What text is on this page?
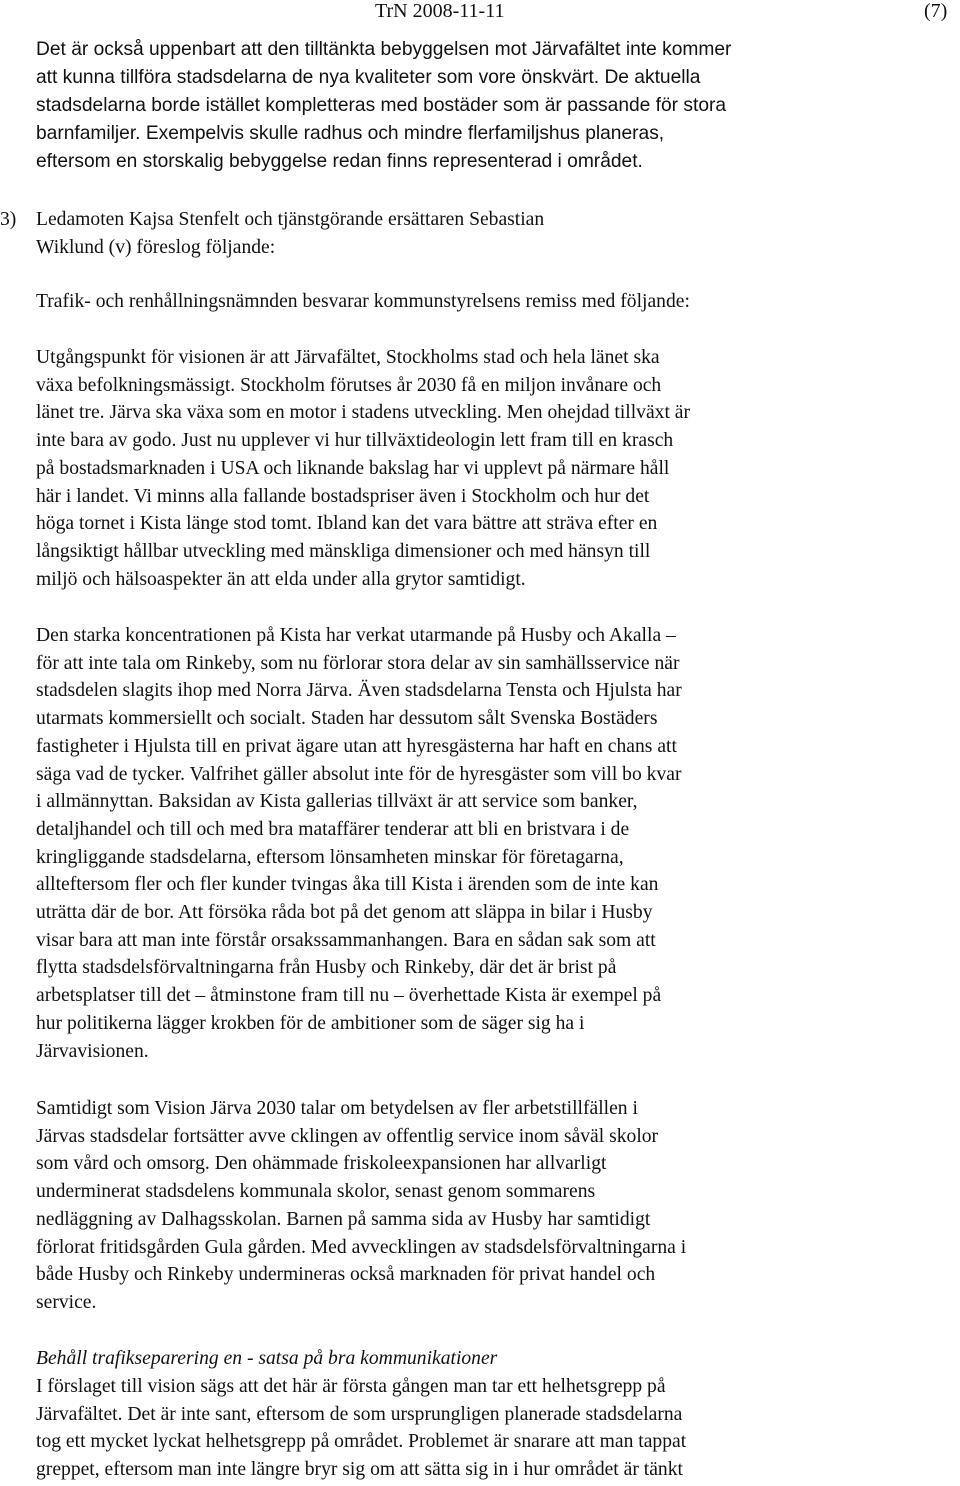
TrN 2008-11-11	(7)
Det är också uppenbart att den tilltänkta bebyggelsen mot Järvafältet inte kommer
att kunna tillföra stadsdelarna de nya kvaliteter som vore önskvärt. De aktuella
stadsdelarna borde istället kompletteras med bostäder som är passande för stora
barnfamiljer. Exempelvis skulle radhus och mindre flerfamiljshus planeras,
eftersom en storskalig bebyggelse redan finns representerad i området.
3) Ledamoten Kajsa Stenfelt och tjänstgörande ersättaren Sebastian
Wiklund (v) föreslog följande:
Trafik- och renhållningsnämnden besvarar kommunstyrelsens remiss med följande:
Utgångspunkt för visionen är att Järvafältet, Stockholms stad och hela länet ska
växa befolkningsmässigt. Stockholm förutses år 2030 få en miljon invånare och
länet tre. Järva ska växa som en motor i stadens utveckling. Men ohejdad tillväxt är
inte bara av godo. Just nu upplever vi hur tillväxtideologin lett fram till en krasch
på bostadsmarknaden i USA och liknande bakslag har vi upplevt på närmare håll
här i landet. Vi minns alla fallande bostadspriser även i Stockholm och hur det
höga tornet i Kista länge stod tomt. Ibland kan det vara bättre att sträva efter en
långsiktigt hållbar utveckling med mänskliga dimensioner och med hänsyn till
miljö och hälsoaspekter än att elda under alla grytor samtidigt.
Den starka koncentrationen på Kista har verkat utarmande på Husby och Akalla –
för att inte tala om Rinkeby, som nu förlorar stora delar av sin samhällsservice när
stadsdelen slagits ihop med Norra Järva. Även stadsdelarna Tensta och Hjulsta har
utarmats kommersiellt och socialt. Staden har dessutom sålt Svenska Bostäders
fastigheter i Hjulsta till en privat ägare utan att hyresgästerna har haft en chans att
säga vad de tycker. Valfrihet gäller absolut inte för de hyresgäster som vill bo kvar
i allmännyttan. Baksidan av Kista gallerias tillväxt är att service som banker,
detaljhandel och till och med bra mataffärer tenderar att bli en bristvara i de
kringliggande stadsdelarna, eftersom lönsamheten minskar för företagarna,
allteftersom fler och fler kunder tvingas åka till Kista i ärenden som de inte kan
uträtta där de bor. Att försöka råda bot på det genom att släppa in bilar i Husby
visar bara att man inte förstår orsakssammanhangen. Bara en sådan sak som att
flytta stadsdelsförvaltningarna från Husby och Rinkeby, där det är brist på
arbetsplatser till det – åtminstone fram till nu – överhettade Kista är exempel på
hur politikerna lägger krokben för de ambitioner som de säger sig ha i
Järvavisionen.
Samtidigt som Vision Järva 2030 talar om betydelsen av fler arbetstillfällen i
Järvas stadsdelar fortsätter avve cklingen av offentlig service inom såväl skolor
som vård och omsorg. Den ohämmade friskoleexpansionen har allvarligt
underminerat stadsdelens kommunala skolor, senast genom sommarens
nedläggning av Dalhagsskolan. Barnen på samma sida av Husby har samtidigt
förlorat fritidsgården Gula gården. Med avvecklingen av stadsdelsförvaltningarna i
både Husby och Rinkeby undermineras också marknaden för privat handel och
service.
Behåll trafikseparering en - satsa på bra kommunikationer
I förslaget till vision sägs att det här är första gången man tar ett helhetsgrepp på
Järvafältet. Det är inte sant, eftersom de som ursprungligen planerade stadsdelarna
tog ett mycket lyckat helhetsgrepp på området. Problemet är snarare att man tappat
greppet, eftersom man inte längre bryr sig om att sätta sig in i hur området är tänkt
